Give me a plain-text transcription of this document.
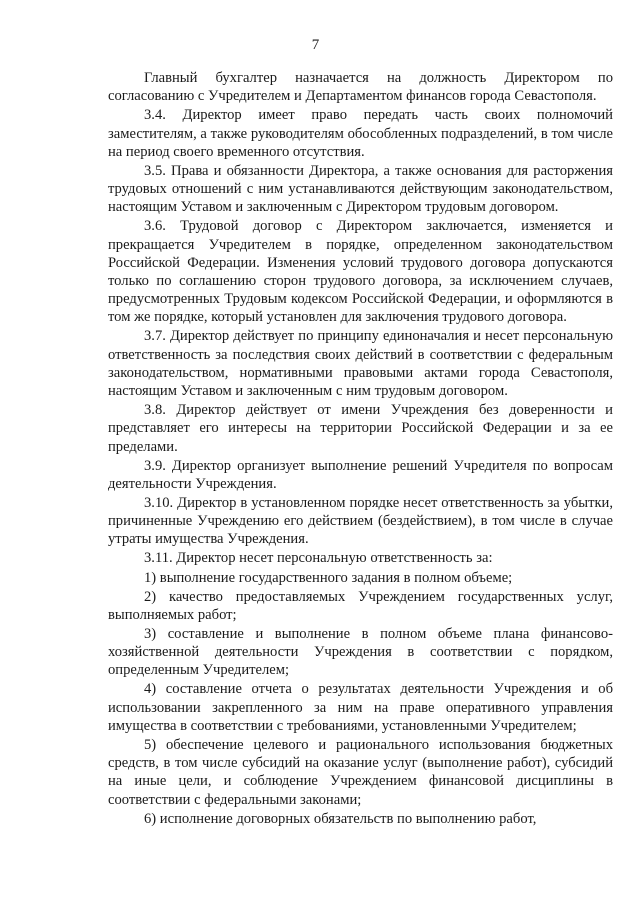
7

Главный бухгалтер назначается на должность Директором по согласованию с Учредителем и Департаментом финансов города Севастополя.

3.4. Директор имеет право передать часть своих полномочий заместителям, а также руководителям обособленных подразделений, в том числе на период своего временного отсутствия.

3.5. Права и обязанности Директора, а также основания для расторжения трудовых отношений с ним устанавливаются действующим законодательством, настоящим Уставом и заключенным с Директором трудовым договором.

3.6. Трудовой договор с Директором заключается, изменяется и прекращается Учредителем в порядке, определенном законодательством Российской Федерации. Изменения условий трудового договора допускаются только по соглашению сторон трудового договора, за исключением случаев, предусмотренных Трудовым кодексом Российской Федерации, и оформляются в том же порядке, который установлен для заключения трудового договора.

3.7. Директор действует по принципу единоначалия и несет персональную ответственность за последствия своих действий в соответствии с федеральным законодательством, нормативными правовыми актами города Севастополя, настоящим Уставом и заключенным с ним трудовым договором.

3.8. Директор действует от имени Учреждения без доверенности и представляет его интересы на территории Российской Федерации и за ее пределами.

3.9. Директор организует выполнение решений Учредителя по вопросам деятельности Учреждения.

3.10. Директор в установленном порядке несет ответственность за убытки, причиненные Учреждению его действием (бездействием), в том числе в случае утраты имущества Учреждения.

3.11. Директор несет персональную ответственность за:

1) выполнение государственного задания в полном объеме;

2) качество предоставляемых Учреждением государственных услуг, выполняемых работ;

3) составление и выполнение в полном объеме плана финансово-хозяйственной деятельности Учреждения в соответствии с порядком, определенным Учредителем;

4) составление отчета о результатах деятельности Учреждения и об использовании закрепленного за ним на праве оперативного управления имущества в соответствии с требованиями, установленными Учредителем;

5) обеспечение целевого и рационального использования бюджетных средств, в том числе субсидий на оказание услуг (выполнение работ), субсидий на иные цели, и соблюдение Учреждением финансовой дисциплины в соответствии с федеральными законами;

6) исполнение договорных обязательств по выполнению работ,
